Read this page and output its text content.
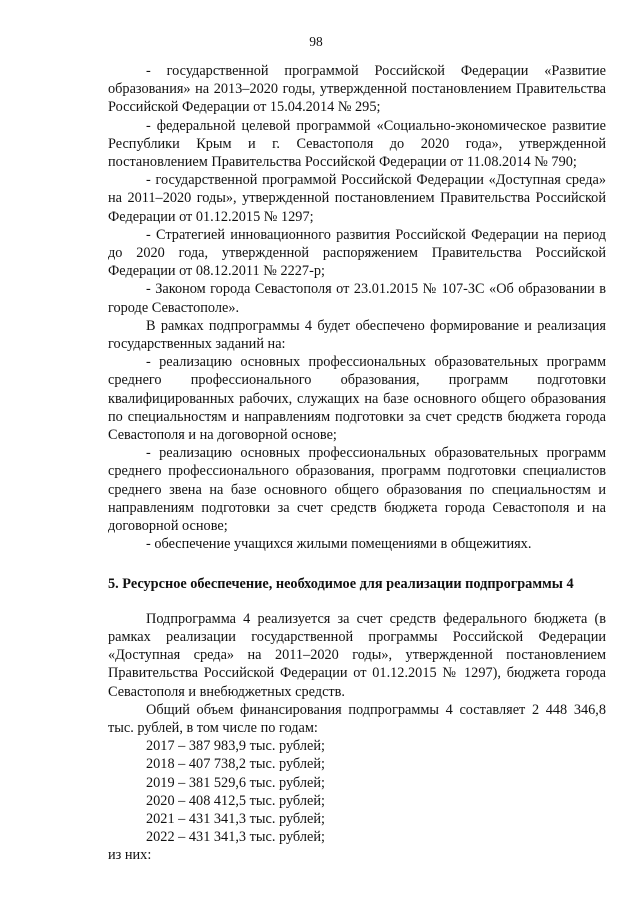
98

- государственной программой Российской Федерации «Развитие образования» на 2013–2020 годы, утвержденной постановлением Правительства Российской Федерации от 15.04.2014 № 295;

- федеральной целевой программой «Социально-экономическое развитие Республики Крым и г. Севастополя до 2020 года», утвержденной постановлением Правительства Российской Федерации от 11.08.2014 № 790;

- государственной программой Российской Федерации «Доступная среда» на 2011–2020 годы», утвержденной постановлением Правительства Российской Федерации от 01.12.2015 № 1297;

- Стратегией инновационного развития Российской Федерации на период до 2020 года, утвержденной распоряжением Правительства Российской Федерации от 08.12.2011 № 2227-р;

- Законом города Севастополя от 23.01.2015 № 107-ЗС «Об образовании в городе Севастополе».

В рамках подпрограммы 4 будет обеспечено формирование и реализация государственных заданий на:

- реализацию основных профессиональных образовательных программ среднего профессионального образования, программ подготовки квалифицированных рабочих, служащих на базе основного общего образования по специальностям и направлениям подготовки за счет средств бюджета города Севастополя и на договорной основе;

- реализацию основных профессиональных образовательных программ среднего профессионального образования, программ подготовки специалистов среднего звена на базе основного общего образования по специальностям и направлениям подготовки за счет средств бюджета города Севастополя и на договорной основе;

- обеспечение учащихся жилыми помещениями в общежитиях.

5. Ресурсное обеспечение, необходимое для реализации подпрограммы 4

Подпрограмма 4 реализуется за счет средств федерального бюджета (в рамках реализации государственной программы Российской Федерации «Доступная среда» на 2011–2020 годы», утвержденной постановлением Правительства Российской Федерации от 01.12.2015 № 1297), бюджета города Севастополя и внебюджетных средств.

Общий объем финансирования подпрограммы 4 составляет 2 448 346,8 тыс. рублей, в том числе по годам:

2017 – 387 983,9 тыс. рублей;
2018 – 407 738,2 тыс. рублей;
2019 – 381 529,6 тыс. рублей;
2020 – 408 412,5 тыс. рублей;
2021 – 431 341,3 тыс. рублей;
2022 – 431 341,3 тыс. рублей;

из них:
